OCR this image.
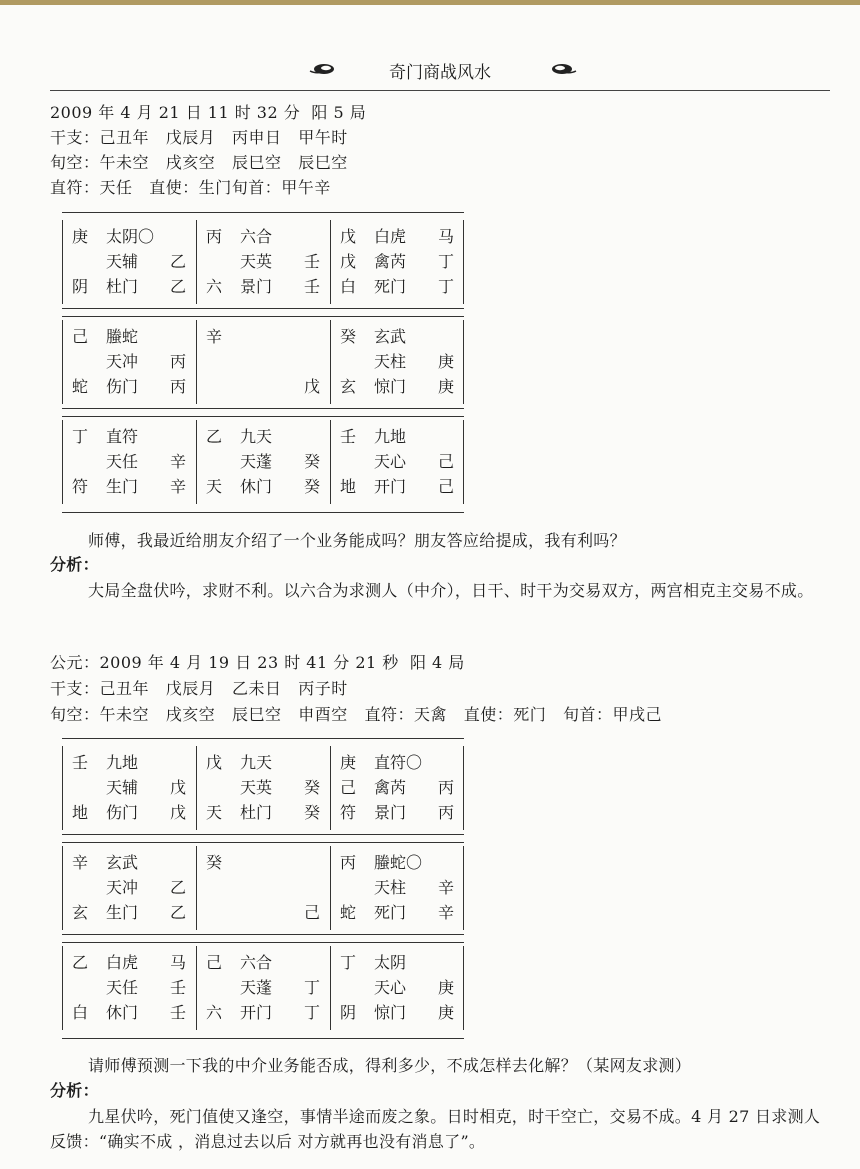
奇门商战风水
2009 年 4 月 21 日 11 时 32 分  阳 5 局
干支：己丑年   戊辰月   丙申日   甲午时
旬空：午未空   戌亥空   辰巳空   辰巳空
直符：天任   直使：生门旬首：甲午辛
庚 太阴〇
天辅 乙
阴 杜门 乙
丙 六合
天英 壬
六 景门 壬
戊 白虎 马
戊 禽芮 丁
白 死门 丁
己 螣蛇
天冲 丙
蛇 伤门 丙
辛
戊
癸 玄武
天柱 庚
玄 惊门 庚
丁 直符
天任 辛
符 生门 辛
乙 九天
天蓬 癸
天 休门 癸
壬 九地
天心 己
地 开门 己
师傅，我最近给朋友介绍了一个业务能成吗？朋友答应给提成，我有利吗？
分析：
大局全盘伏吟，求财不利。以六合为求测人（中介），日干、时干为交易双方，两宫相克主交易不成。
公元：2009 年 4 月 19 日 23 时 41 分 21 秒  阳 4 局
干支：己丑年   戊辰月   乙未日   丙子时
旬空：午未空   戌亥空   辰巳空   申酉空   直符：天禽   直使：死门   旬首：甲戌己
壬 九地
天辅 戊
地 伤门 戊
戊 九天
天英 癸
天 杜门 癸
庚 直符〇
己 禽芮 丙
符 景门 丙
辛 玄武
天冲 乙
玄 生门 乙
癸
己
丙 螣蛇〇
天柱 辛
蛇 死门 辛
乙 白虎 马
天任 壬
白 休门 壬
己 六合
天蓬 丁
六 开门 丁
丁 太阴
天心 庚
阴 惊门 庚
请师傅预测一下我的中介业务能否成，得利多少，不成怎样去化解？（某网友求测）
分析：
九星伏吟，死门值使又逢空，事情半途而废之象。日时相克，时干空亡，交易不成。4 月 27 日求测人反馈：“确实不成 ，消息过去以后 对方就再也没有消息了”。
